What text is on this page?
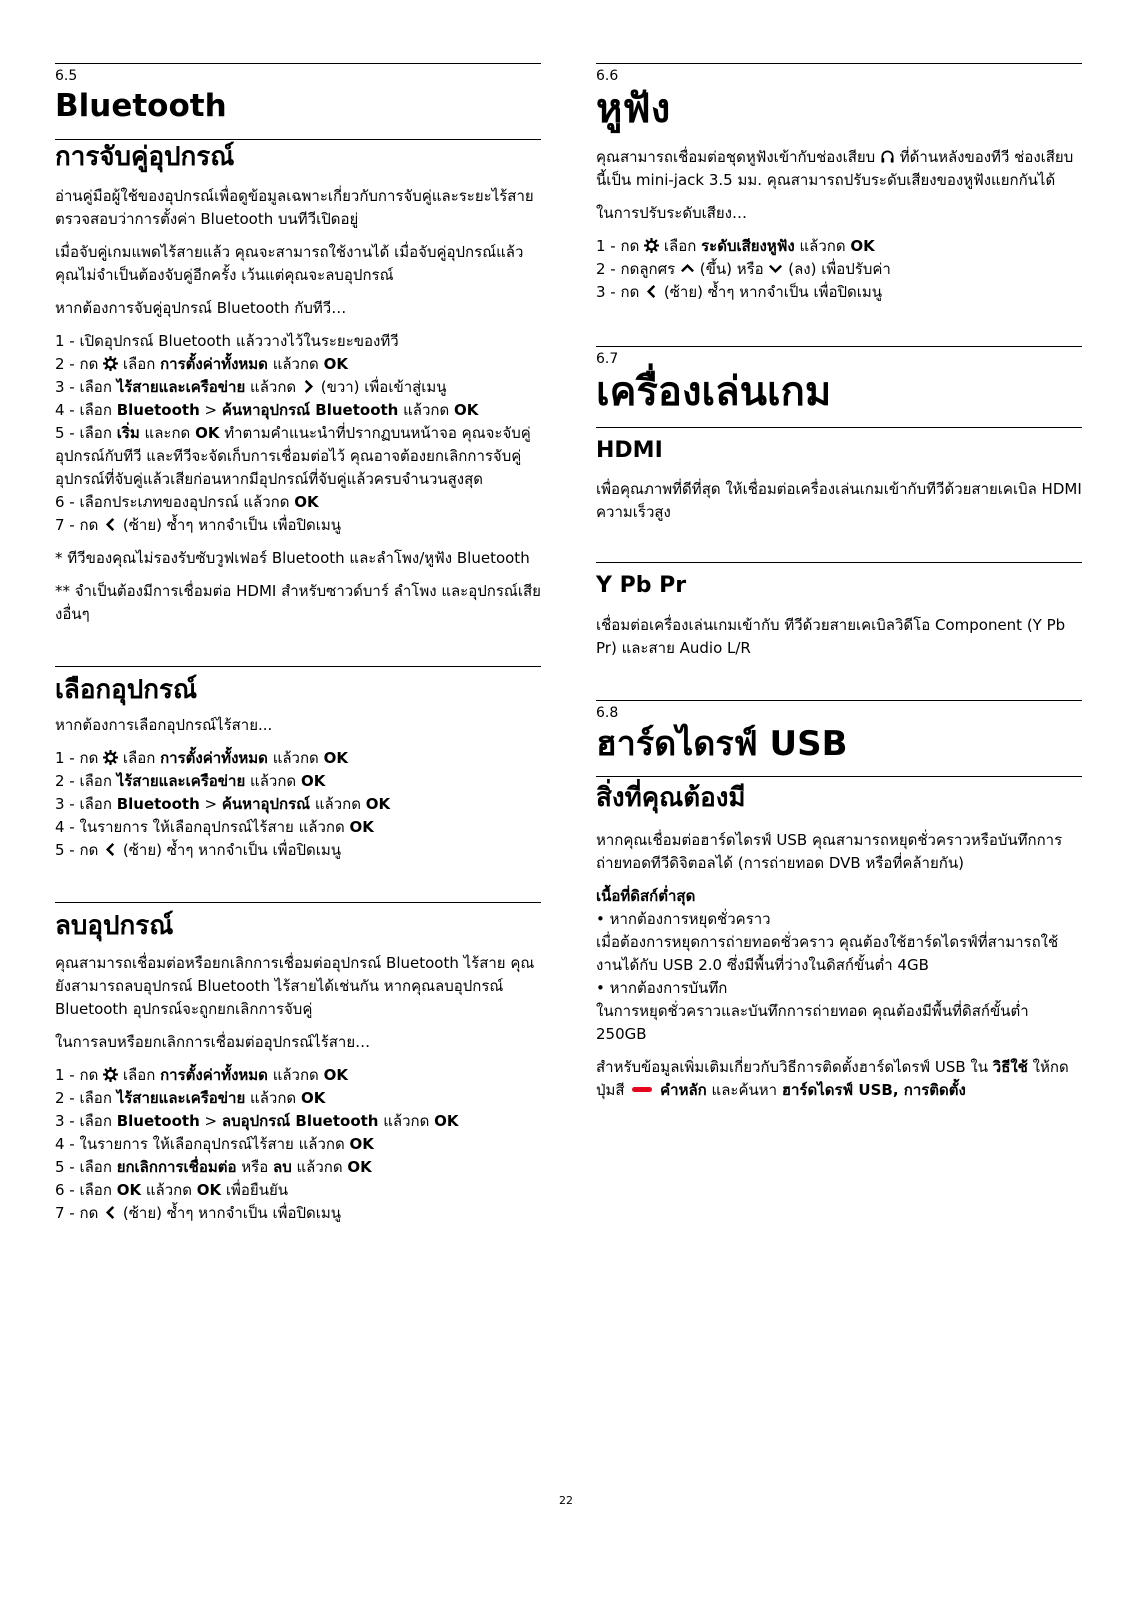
6.5
Bluetooth
การจับคู่อุปกรณ์

อ่านคู่มือผู้ใช้ของอุปกรณ์เพื่อดูข้อมูลเฉพาะเกี่ยวกับการจับคู่และระยะไร้สาย ตรวจสอบว่าการตั้งค่า Bluetooth บนทีวีเปิดอยู่

เมื่อจับคู่เกมแพดไร้สายแล้ว คุณจะสามารถใช้งานได้ เมื่อจับคู่อุปกรณ์แล้ว คุณไม่จำเป็นต้องจับคู่อีกครั้ง เว้นแต่คุณจะลบอุปกรณ์

หากต้องการจับคู่อุปกรณ์ Bluetooth กับทีวี…

1 - เปิดอุปกรณ์ Bluetooth แล้ววางไว้ในระยะของทีวี
2 - กด เลือก การตั้งค่าทั้งหมด แล้วกด OK
3 - เลือก ไร้สายและเครือข่าย แล้วกด (ขวา) เพื่อเข้าสู่เมนู
4 - เลือก Bluetooth > ค้นหาอุปกรณ์ Bluetooth แล้วกด OK
5 - เลือก เริ่ม และกด OK ทำตามคำแนะนำที่ปรากฏบนหน้าจอ คุณจะจับคู่อุปกรณ์กับทีวี และทีวีจะจัดเก็บการเชื่อมต่อไว้ คุณอาจต้องยกเลิกการจับคู่อุปกรณ์ที่จับคู่แล้วเสียก่อนหากมีอุปกรณ์ที่จับคู่แล้วครบจำนวนสูงสุด
6 - เลือกประเภทของอุปกรณ์ แล้วกด OK
7 - กด (ซ้าย) ซ้ำๆ หากจำเป็น เพื่อปิดเมนู

* ทีวีของคุณไม่รองรับซับวูฟเฟอร์ Bluetooth และลำโพง/หูฟัง Bluetooth

** จำเป็นต้องมีการเชื่อมต่อ HDMI สำหรับซาวด์บาร์ ลำโพง และอุปกรณ์เสียงอื่นๆ

เลือกอุปกรณ์

หากต้องการเลือกอุปกรณ์ไร้สาย...

1 - กด เลือก การตั้งค่าทั้งหมด แล้วกด OK
2 - เลือก ไร้สายและเครือข่าย แล้วกด OK
3 - เลือก Bluetooth > ค้นหาอุปกรณ์ แล้วกด OK
4 - ในรายการ ให้เลือกอุปกรณ์ไร้สาย แล้วกด OK
5 - กด (ซ้าย) ซ้ำๆ หากจำเป็น เพื่อปิดเมนู
ลบอุปกรณ์

คุณสามารถเชื่อมต่อหรือยกเลิกการเชื่อมต่ออุปกรณ์ Bluetooth ไร้สาย คุณยังสามารถลบอุปกรณ์ Bluetooth ไร้สายได้เช่นกัน หากคุณลบอุปกรณ์ Bluetooth อุปกรณ์จะถูกยกเลิกการจับคู่

ในการลบหรือยกเลิกการเชื่อมต่ออุปกรณ์ไร้สาย…

1 - กด เลือก การตั้งค่าทั้งหมด แล้วกด OK
2 - เลือก ไร้สายและเครือข่าย แล้วกด OK
3 - เลือก Bluetooth > ลบอุปกรณ์ Bluetooth แล้วกด OK
4 - ในรายการ ให้เลือกอุปกรณ์ไร้สาย แล้วกด OK
5 - เลือก ยกเลิกการเชื่อมต่อ หรือ ลบ แล้วกด OK
6 - เลือก OK แล้วกด OK เพื่อยืนยัน
7 - กด (ซ้าย) ซ้ำๆ หากจำเป็น เพื่อปิดเมนู
6.6
หูฟัง

คุณสามารถเชื่อมต่อชุดหูฟังเข้ากับช่องเสียบ ที่ด้านหลังของทีวี ช่องเสียบนี้เป็น mini-jack 3.5 มม. คุณสามารถปรับระดับเสียงของหูฟังแยกกันได้

ในการปรับระดับเสียง…

1 - กด เลือก ระดับเสียงหูฟัง แล้วกด OK
2 - กดลูกศร (ขึ้น) หรือ (ลง) เพื่อปรับค่า
3 - กด (ซ้าย) ซ้ำๆ หากจำเป็น เพื่อปิดเมนู
6.7
เครื่องเล่นเกม
HDMI

เพื่อคุณภาพที่ดีที่สุด ให้เชื่อมต่อเครื่องเล่นเกมเข้ากับทีวีด้วยสายเคเบิล HDMI ความเร็วสูง

Y Pb Pr

เชื่อมต่อเครื่องเล่นเกมเข้ากับ ทีวีด้วยสายเคเบิลวิดีโอ Component (Y Pb Pr) และสาย Audio L/R

6.8
ฮาร์ดไดรฟ์ USB
สิ่งที่คุณต้องมี

หากคุณเชื่อมต่อฮาร์ดไดรฟ์ USB คุณสามารถหยุดชั่วคราวหรือบันทึกการถ่ายทอดทีวีดิจิตอลได้ (การถ่ายทอด DVB หรือที่คล้ายกัน)

เนื้อที่ดิสก์ต่ำสุด

• หากต้องการหยุดชั่วคราว

เมื่อต้องการหยุดการถ่ายทอดชั่วคราว คุณต้องใช้ฮาร์ดไดรฟ์ที่สามารถใช้งานได้กับ USB 2.0 ซึ่งมีพื้นที่ว่างในดิสก์ขั้นต่ำ 4GB

• หากต้องการบันทึก

ในการหยุดชั่วคราวและบันทึกการถ่ายทอด คุณต้องมีพื้นที่ดิสก์ขั้นต่ำ 250GB

สำหรับข้อมูลเพิ่มเติมเกี่ยวกับวิธีการติดตั้งฮาร์ดไดรฟ์ USB ใน วิธีใช้ ให้กดปุ่มสี คำหลัก และค้นหา ฮาร์ดไดรฟ์ USB, การติดตั้ง

22
